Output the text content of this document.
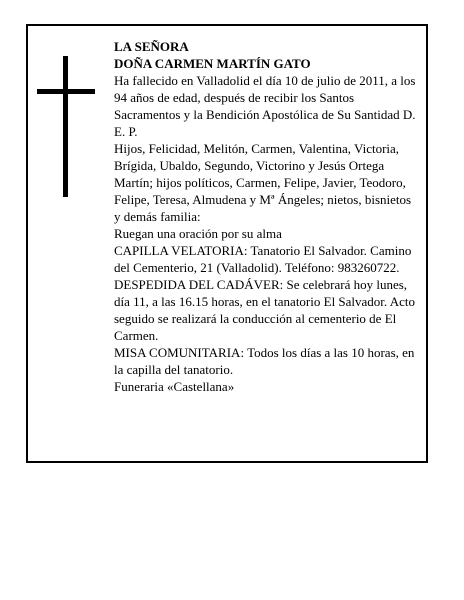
LA SEÑORA

DOÑA CARMEN MARTÍN GATO

Ha fallecido en Valladolid el día 10 de julio de 2011, a los 94 años de edad, después de recibir los Santos Sacramentos y la Bendición Apostólica de Su Santidad D. E. P.

Hijos, Felicidad, Melitón, Carmen, Valentina, Victoria, Brígida, Ubaldo, Segundo, Victorino y Jesús Ortega Martín; hijos políticos, Carmen, Felipe, Javier, Teodoro, Felipe, Teresa, Almudena y Mª Ángeles; nietos, bisnietos y demás familia:

Ruegan una oración por su alma

CAPILLA VELATORIA: Tanatorio El Salvador. Camino del Cementerio, 21 (Valladolid). Teléfono: 983260722.

DESPEDIDA DEL CADÁVER: Se celebrará hoy lunes, día 11, a las 16.15 horas, en el tanatorio El Salvador. Acto seguido se realizará la conducción al cementerio de El Carmen.

MISA COMUNITARIA: Todos los días a las 10 horas, en la capilla del tanatorio.

Funeraria «Castellana»
